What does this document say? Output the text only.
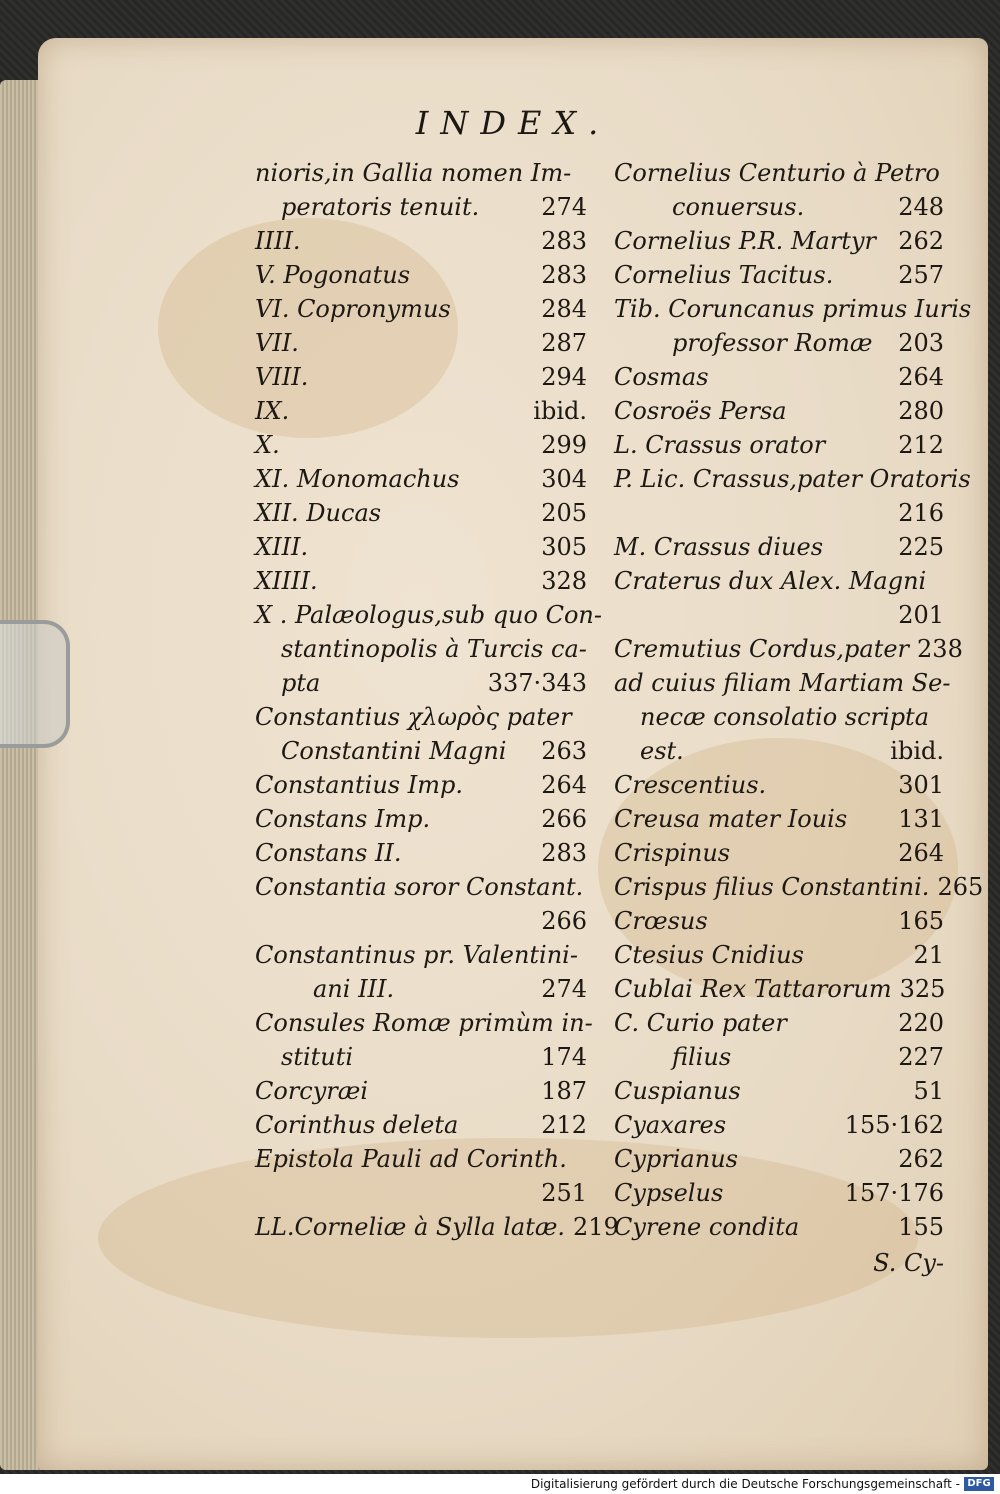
INDEX.
nioris,in Gallia nomen Im-
peratoris tenuit.	274
IIII.	283
V. Pogonatus	283
VI. Copronymus	284
VII.	287
VIII.	294
IX.	ibid.
X.	299
XI. Monomachus	304
XII. Ducas	205
XIII.	305
XIIII.	328
X . Palæologus,sub quo Con-
stantinopolis à Turcis ca-
pta	337·343
Constantius χλωρὸς pater
Constantini Magni	263
Constantius Imp.	264
Constans Imp.	266
Constans II.	283
Constantia soror Constant.
266
Constantinus pr. Valentini-
ani III.	274
Consules Romæ primùm in-
stituti	174
Corcyræi	187
Corinthus deleta	212
Epistola Pauli ad Corinth.
251
LL.Corneliæ à Sylla latæ. 219
Cornelius Centurio à Petro
conuersus.	248
Cornelius P.R. Martyr 262
Cornelius Tacitus.	257
Tib. Coruncanus primus Iuris
professor Romæ	203
Cosmas	264
Cosroës Persa	280
L. Crassus orator	212
P. Lic. Crassus,pater Oratoris
216
M. Crassus diues	225
Craterus dux Alex. Magni
201
Cremutius Cordus,pater 238
ad cuius filiam Martiam Se-
necæ consolatio scripta
est.	ibid.
Crescentius.	301
Creusa mater Iouis	131
Crispinus	264
Crispus filius Constantini. 265
Crœsus	165
Ctesius Cnidius	21
Cublai Rex Tattarorum 325
C. Curio pater	220
filius	227
Cuspianus	51
Cyaxares	155·162
Cyprianus	262
Cypselus	157·176
Cyrene condita	155
S. Cy-
Digitalisierung gefördert durch die Deutsche Forschungsgemeinschaft - DFG
